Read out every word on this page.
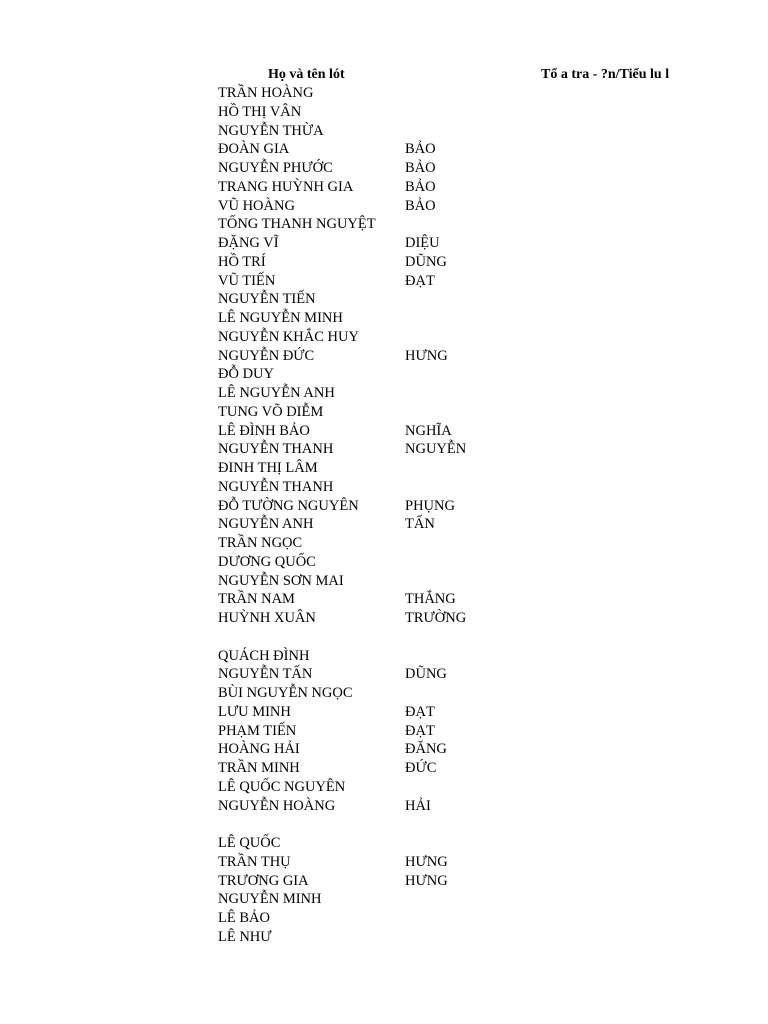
Họ và tên lót	Tổ a tra - ?n/Tiểu lu l
TRẦN HOÀNG
HỒ THỊ VÂN
NGUYỄN THỪA
ĐOÀN GIA	BẢO
NGUYỄN PHƯỚC	BẢO
TRANG HUỲNH GIA	BẢO
VŨ HOÀNG	BẢO
TỐNG THANH NGUYỆT
ĐẶNG VĨ	DIỆU
HỒ TRÍ	DŨNG
VŨ TIẾN	ĐẠT
NGUYỄN TIẾN
LÊ NGUYỄN MINH
NGUYỄN KHẮC HUY
NGUYỄN ĐỨC	HƯNG
ĐỖ DUY
LÊ NGUYỄN ANH
TUNG VÕ DIỄM
LÊ ĐÌNH BẢO	NGHĨA
NGUYỄN THANH	NGUYỄN
ĐINH THỊ LÂM
NGUYỄN THANH
ĐỖ TƯỜNG NGUYÊN	PHỤNG
NGUYỄN ANH	TẤN
TRẦN NGỌC
DƯƠNG QUỐC
NGUYỄN SƠN MAI
TRẦN NAM	THẮNG
HUỲNH XUÂN	TRƯỜNG
QUÁCH ĐÌNH
NGUYỄN TẤN	DŨNG
BÙI NGUYỄN NGỌC
LƯU MINH	ĐẠT
PHẠM TIẾN	ĐẠT
HOÀNG HẢI	ĐĂNG
TRẦN MINH	ĐỨC
LÊ QUỐC NGUYÊN
NGUYỄN HOÀNG	HẢI
LÊ QUỐC
TRẦN THỤ	HƯNG
TRƯƠNG GIA	HƯNG
NGUYỄN MINH
LÊ BẢO
LÊ NHƯ
